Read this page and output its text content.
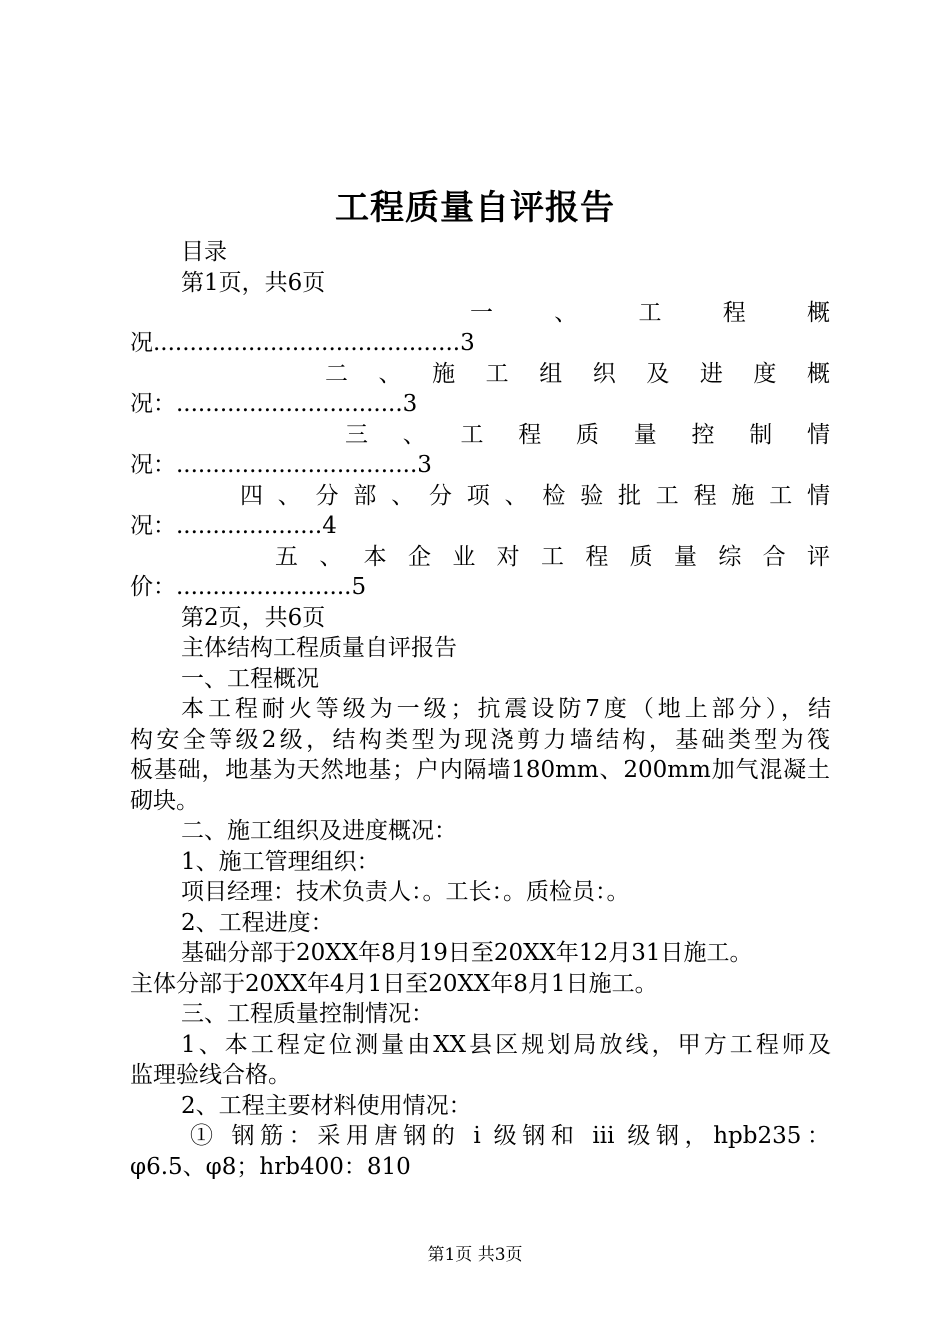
工程质量自评报告
目录
第1页，共6页
一 、 工 程 概
况..........................................3
二 、 施 工 组 织 及 进 度 概
况：...............................3
三 、 工 程 质 量 控 制 情
况：.................................3
四 、 分 部 、 分 项 、 检 验 批 工 程 施 工 情
况：....................4
五 、 本 企 业 对 工 程 质 量 综 合 评
价：........................5
第2页，共6页
主体结构工程质量自评报告
一、工程概况
本工程耐火等级为一级；抗震设防7度（地上部分），结
构安全等级2级，结构类型为现浇剪力墙结构，基础类型为筏
板基础，地基为天然地基；户内隔墙180mm、200mm加气混凝土
砌块。
二、施工组织及进度概况：
1、施工管理组织：
项目经理：技术负责人：。工长：。质检员：。
2、工程进度：
基础分部于20XX年8月19日至20XX年12月31日施工。
主体分部于20XX年4月1日至20XX年8月1日施工。
三、工程质量控制情况：
1、本工程定位测量由XX县区规划局放线，甲方工程师及
监理验线合格。
2、工程主要材料使用情况：
① 钢筋：采用唐钢的 i 级钢和 iii 级钢，hpb235：
φ6.5、φ8；hrb400：810
第1页 共3页
